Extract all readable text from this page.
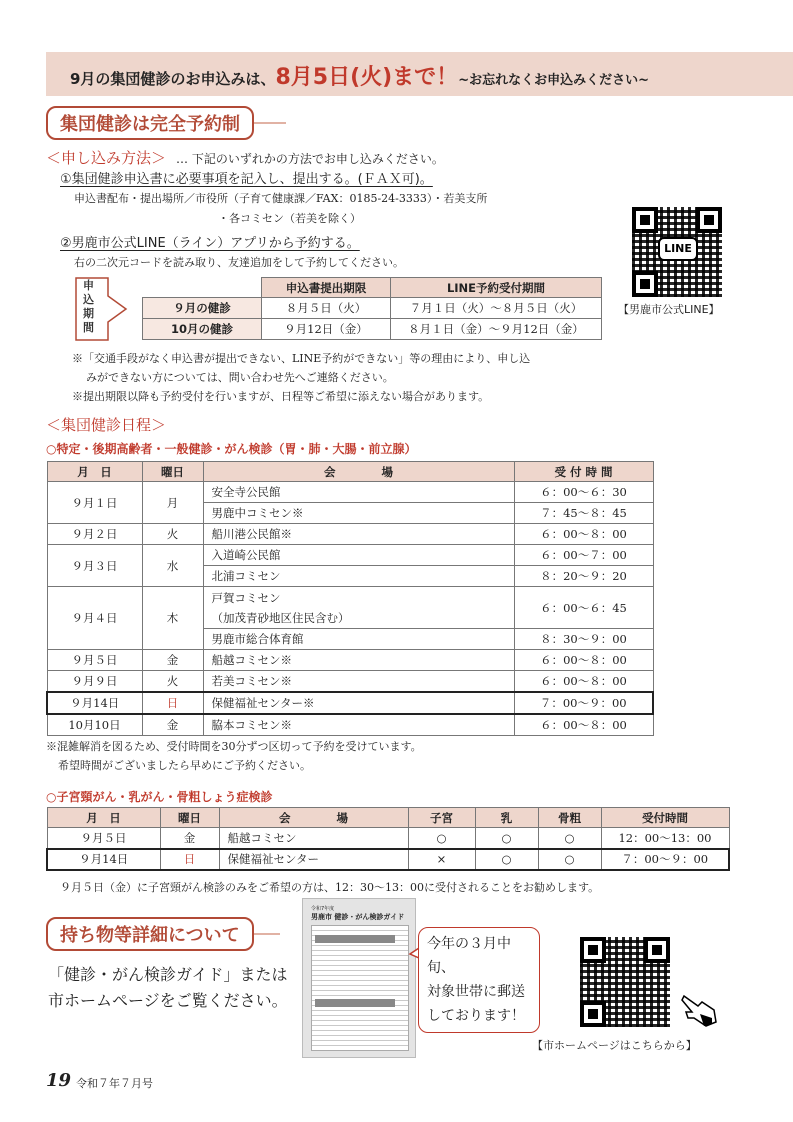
9月の集団健診のお申込みは、8月5日(火)まで！~お忘れなくお申込みください~
集団健診は完全予約制
＜申し込み方法＞ … 下記のいずれかの方法でお申し込みください。
①集団健診申込書に必要事項を記入し、提出する。(ＦＡＸ可)。
申込書配布・提出場所／市役所（子育て健康課／FAX：0185-24-3333）・若美支所
・各コミセン（若美を除く）
②男鹿市公式LINE（ライン）アプリから予約する。
右の二次元コードを読み取り、友達追加をして予約してください。
LINE
【男鹿市公式LINE】
申込期間
	申込書提出期限	LINE予約受付期間
９月の健診	８月５日（火）	７月１日（火）～８月５日（火）
10月の健診	９月12日（金）	８月１日（金）～９月12日（金）
※「交通手段がなく申込書が提出できない、LINE予約ができない」等の理由により、申し込
みができない方については、問い合わせ先へご連絡ください。
※提出期限以降も予約受付を行いますが、日程等ご希望に添えない場合があります。
＜集団健診日程＞
○特定・後期高齢者・一般健診・がん検診（胃・肺・大腸・前立腺）
月　日	曜日	会　　　　場	受 付 時 間
９月１日	月	安全寺公民館	６：00～６：30
		男鹿中コミセン※	７：45～８：45
９月２日	火	船川港公民館※	６：00～８：00
９月３日	水	入道崎公民館	６：00～７：00
		北浦コミセン	８：20～９：20
９月４日	木	戸賀コミセン
（加茂青砂地区住民含む）	６：00～６：45
		男鹿市総合体育館	８：30～９：00
９月５日	金	船越コミセン※	６：00～８：00
９月９日	火	若美コミセン※	６：00～８：00
９月14日	日	保健福祉センター※	７：00～９：00
10月10日	金	脇本コミセン※	６：00～８：00
※混雑解消を図るため、受付時間を30分ずつ区切って予約を受けています。
希望時間がございましたら早めにご予約ください。
○子宮頸がん・乳がん・骨粗しょう症検診
月　日	曜日	会　　　　場	子宮	乳	骨粗	受付時間
９月５日	金	船越コミセン	○	○	○	12：00～13：00
９月14日	日	保健福祉センター	×	○	○	７：00～９：00
９月５日（金）に子宮頸がん検診のみをご希望の方は、12：30～13：00に受付されることをお勧めします。
持ち物等詳細について
「健診・がん検診ガイド」または
市ホームページをご覧ください。
令和7年度
男鹿市 健診・がん検診ガイド
今年の３月中旬、
対象世帯に郵送
しております！
【市ホームページはこちらから】
19 令和７年７月号
